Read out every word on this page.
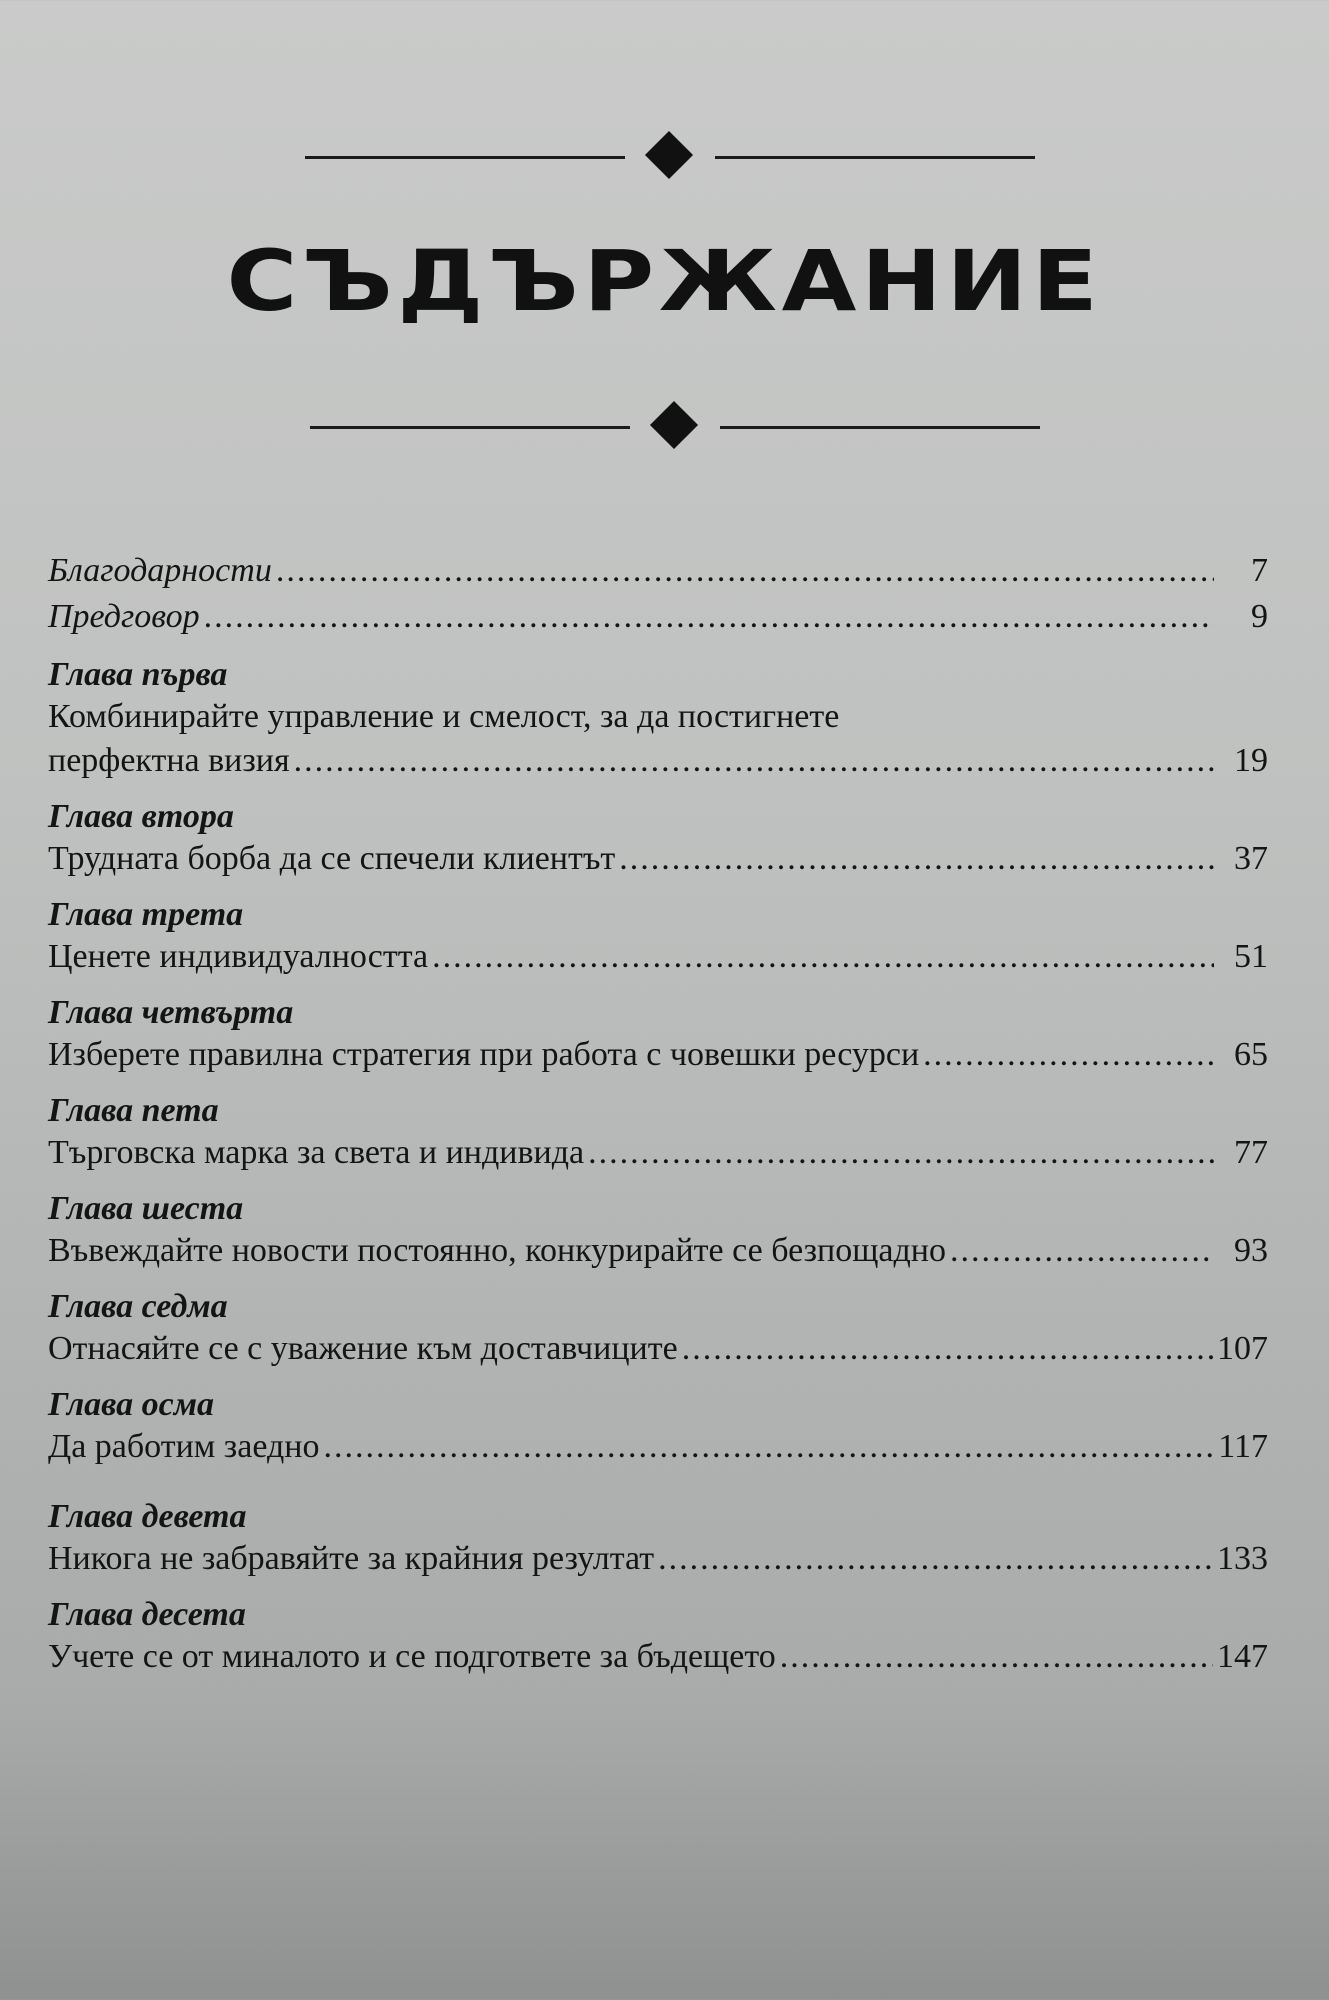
СЪДЪРЖАНИЕ
Благодарности .....	7
Предговор .....	9
Глава първа
Комбинирайте управление и смелост, за да постигнете
перфектна визия .....	19
Глава втора
Трудната борба да се спечели клиентът .....	37
Глава трета
Ценете индивидуалността .....	51
Глава четвърта
Изберете правилна стратегия при работа с човешки ресурси .....	65
Глава пета
Търговска марка за света и индивида .....	77
Глава шеста
Въвеждайте новости постоянно, конкурирайте се безпощадно .....	93
Глава седма
Отнасяйте се с уважение към доставчиците .....	107
Глава осма
Да работим заедно .....	117
Глава девета
Никога не забравяйте за крайния резултат .....	133
Глава десета
Учете се от миналото и се подгответе за бъдещето .....	147
